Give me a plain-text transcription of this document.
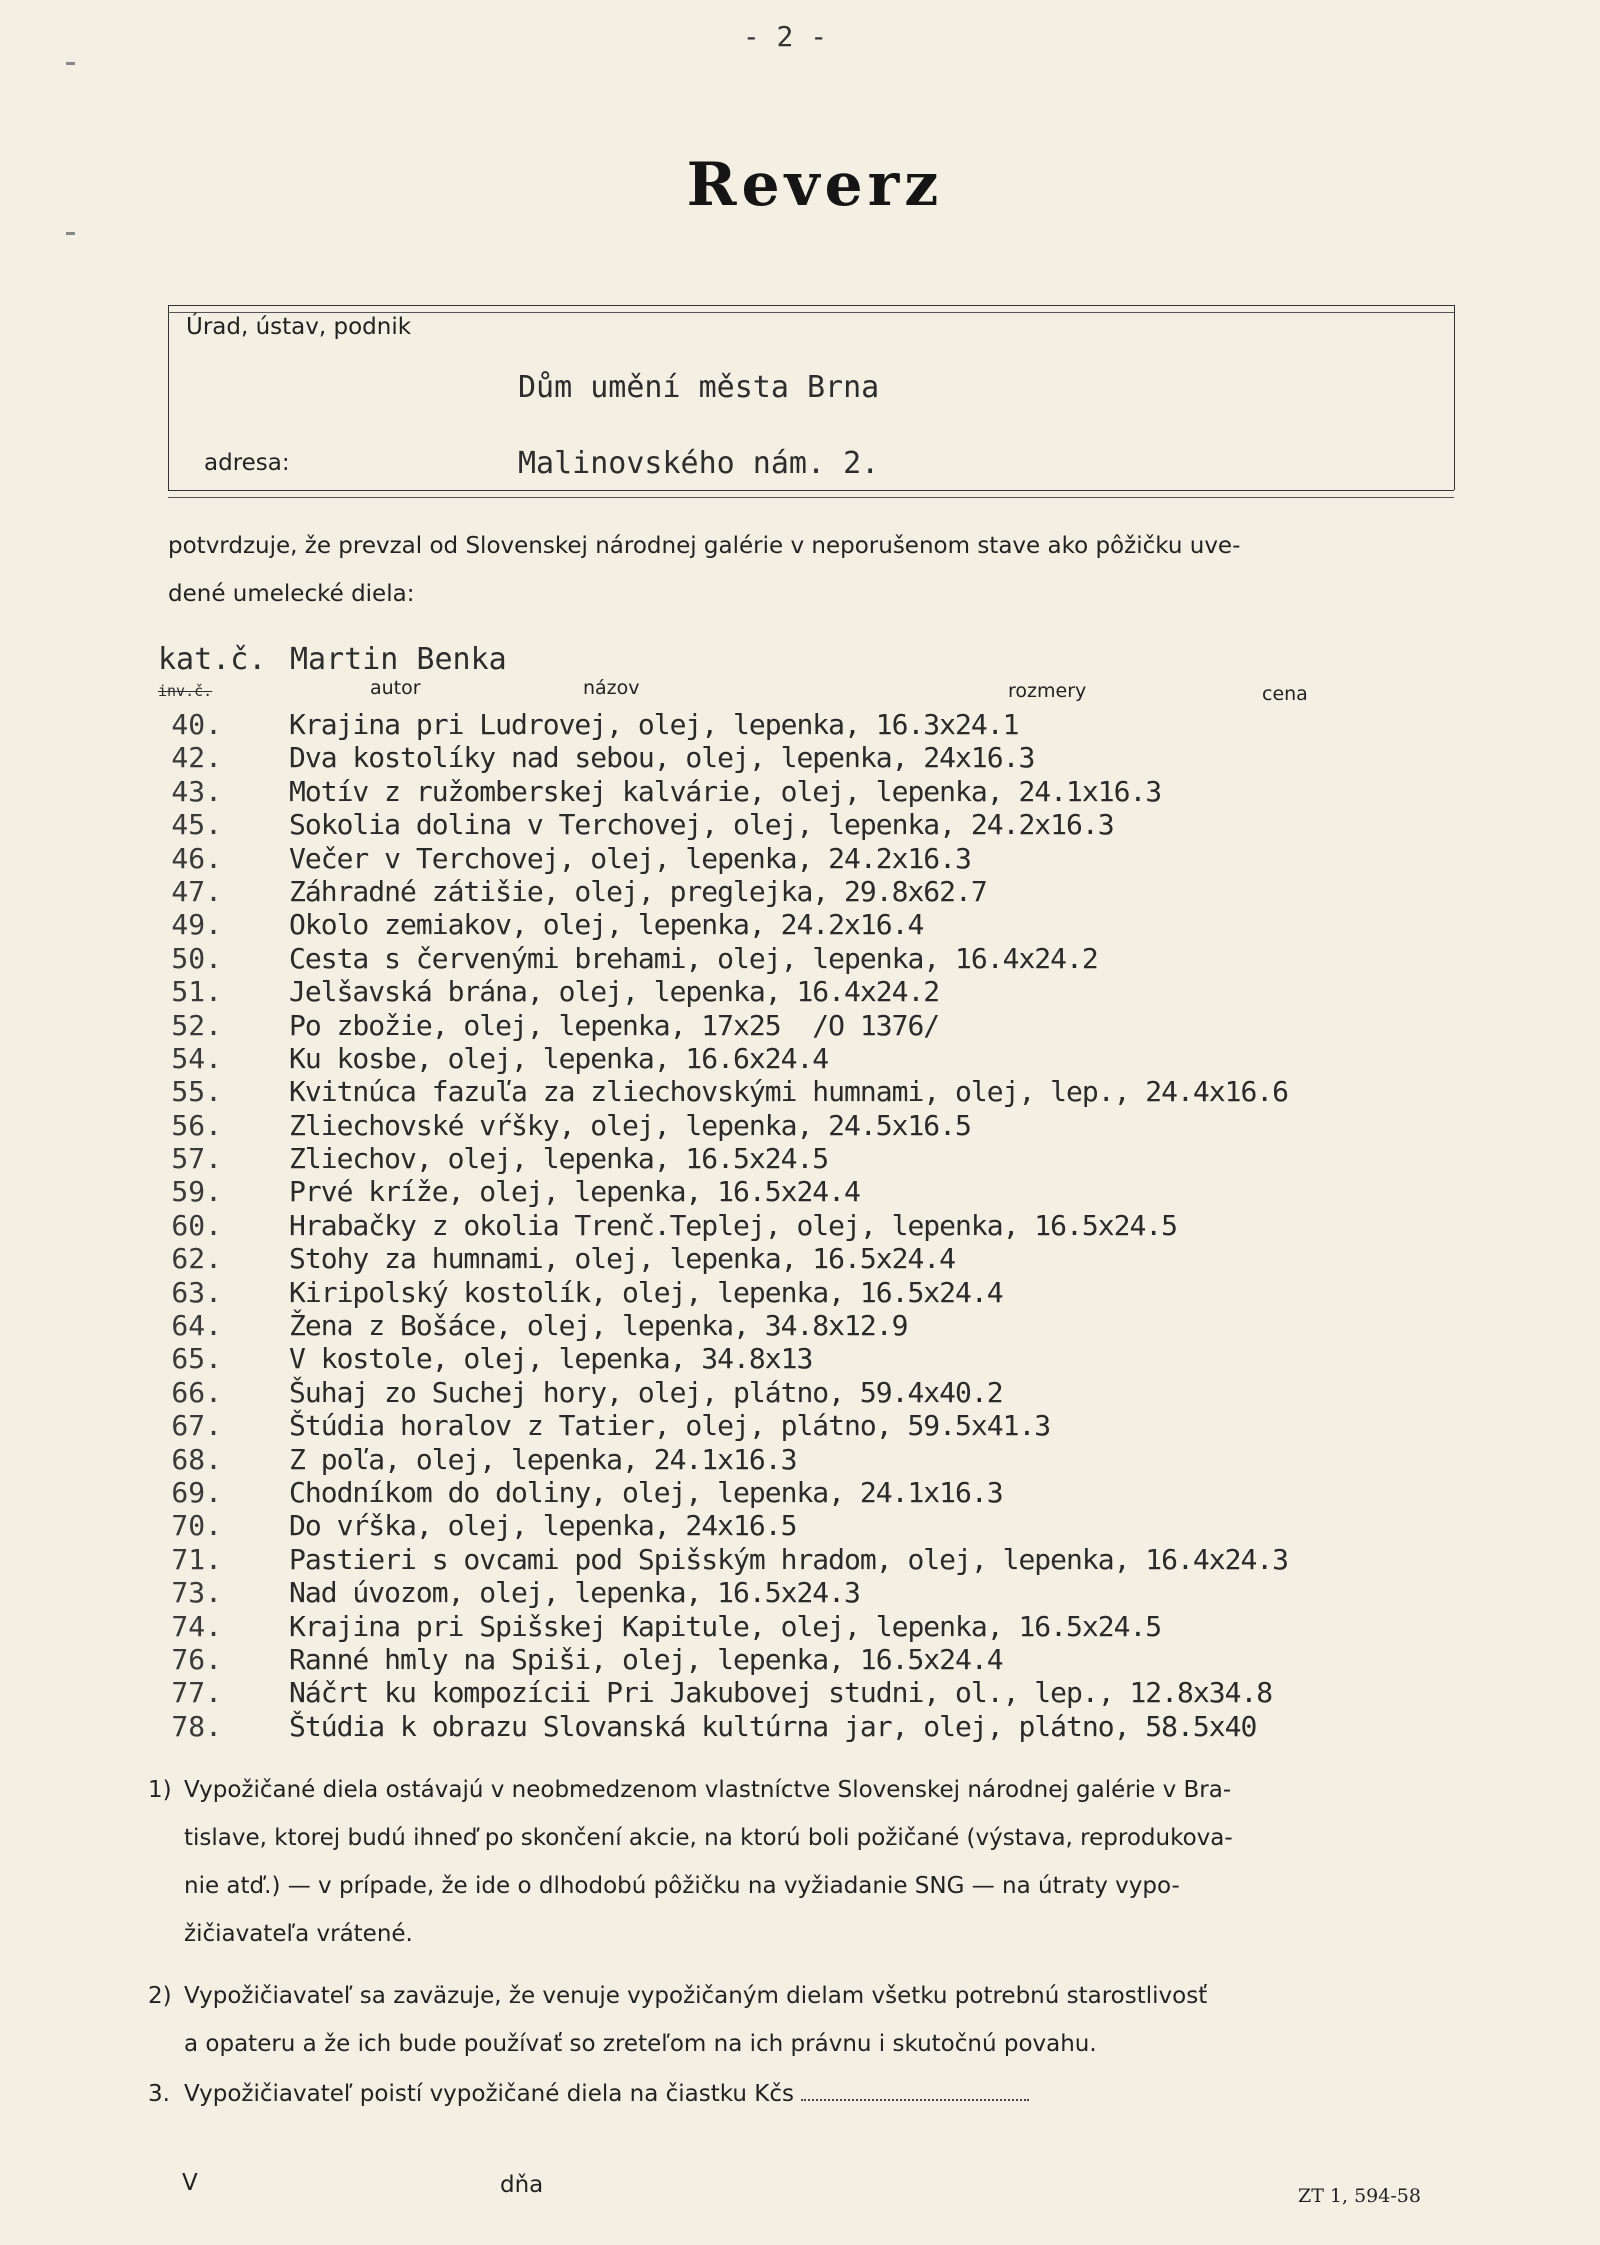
- 2 -
Reverz
Úrad, ústav, podnik
Dům umění města Brna
adresa:	Malinovského nám. 2.
potvrdzuje, že prevzal od Slovenskej národnej galérie v neporušenom stave ako pôžičku uve-
dené umelecké diela:
kat.č. Martin Benka
inv.č.	autor	názov	rozmery	cena
40. Krajina pri Ludrovej, olej, lepenka, 16.3x24.1
42. Dva kostolíky nad sebou, olej, lepenka, 24x16.3
43. Motív z ružomberskej kalvárie, olej, lepenka, 24.1x16.3
45. Sokolia dolina v Terchovej, olej, lepenka, 24.2x16.3
46. Večer v Terchovej, olej, lepenka, 24.2x16.3
47. Záhradné zátišie, olej, preglejka, 29.8x62.7
49. Okolo zemiakov, olej, lepenka, 24.2x16.4
50. Cesta s červenými brehami, olej, lepenka, 16.4x24.2
51. Jelšavská brána, olej, lepenka, 16.4x24.2
52. Po zbožie, olej, lepenka, 17x25  /O 1376/
54. Ku kosbe, olej, lepenka, 16.6x24.4
55. Kvitnúca fazuľa za zliechovskými humnami, olej, lep., 24.4x16.6
56. Zliechovské vŕšky, olej, lepenka, 24.5x16.5
57. Zliechov, olej, lepenka, 16.5x24.5
59. Prvé kríže, olej, lepenka, 16.5x24.4
60. Hrabačky z okolia Trenč.Teplej, olej, lepenka, 16.5x24.5
62. Stohy za humnami, olej, lepenka, 16.5x24.4
63. Kiripolský kostolík, olej, lepenka, 16.5x24.4
64. Žena z Bošáce, olej, lepenka, 34.8x12.9
65. V kostole, olej, lepenka, 34.8x13
66. Šuhaj zo Suchej hory, olej, plátno, 59.4x40.2
67. Štúdia horalov z Tatier, olej, plátno, 59.5x41.3
68. Z poľa, olej, lepenka, 24.1x16.3
69. Chodníkom do doliny, olej, lepenka, 24.1x16.3
70. Do vŕška, olej, lepenka, 24x16.5
71. Pastieri s ovcami pod Spišským hradom, olej, lepenka, 16.4x24.3
73. Nad úvozom, olej, lepenka, 16.5x24.3
74. Krajina pri Spišskej Kapitule, olej, lepenka, 16.5x24.5
76. Ranné hmly na Spiši, olej, lepenka, 16.5x24.4
77. Náčrt ku kompozícii Pri Jakubovej studni, ol., lep., 12.8x34.8
78. Štúdia k obrazu Slovanská kultúrna jar, olej, plátno, 58.5x40
1) Vypožičané diela ostávajú v neobmedzenom vlastníctve Slovenskej národnej galérie v Bra-
tislave, ktorej budú ihneď po skončení akcie, na ktorú boli požičané (výstava, reprodukova-
nie atď.) — v prípade, že ide o dlhodobú pôžičku na vyžiadanie SNG — na útraty vypo-
žičiavateľa vrátené.
2) Vypožičiavateľ sa zaväzuje, že venuje vypožičaným dielam všetku potrebnú starostlivosť
a opateru a že ich bude používať so zreteľom na ich právnu i skutočnú povahu.
3. Vypožičiavateľ poistí vypožičané diela na čiastku Kčs
V	dňa	ZT 1, 594-58
